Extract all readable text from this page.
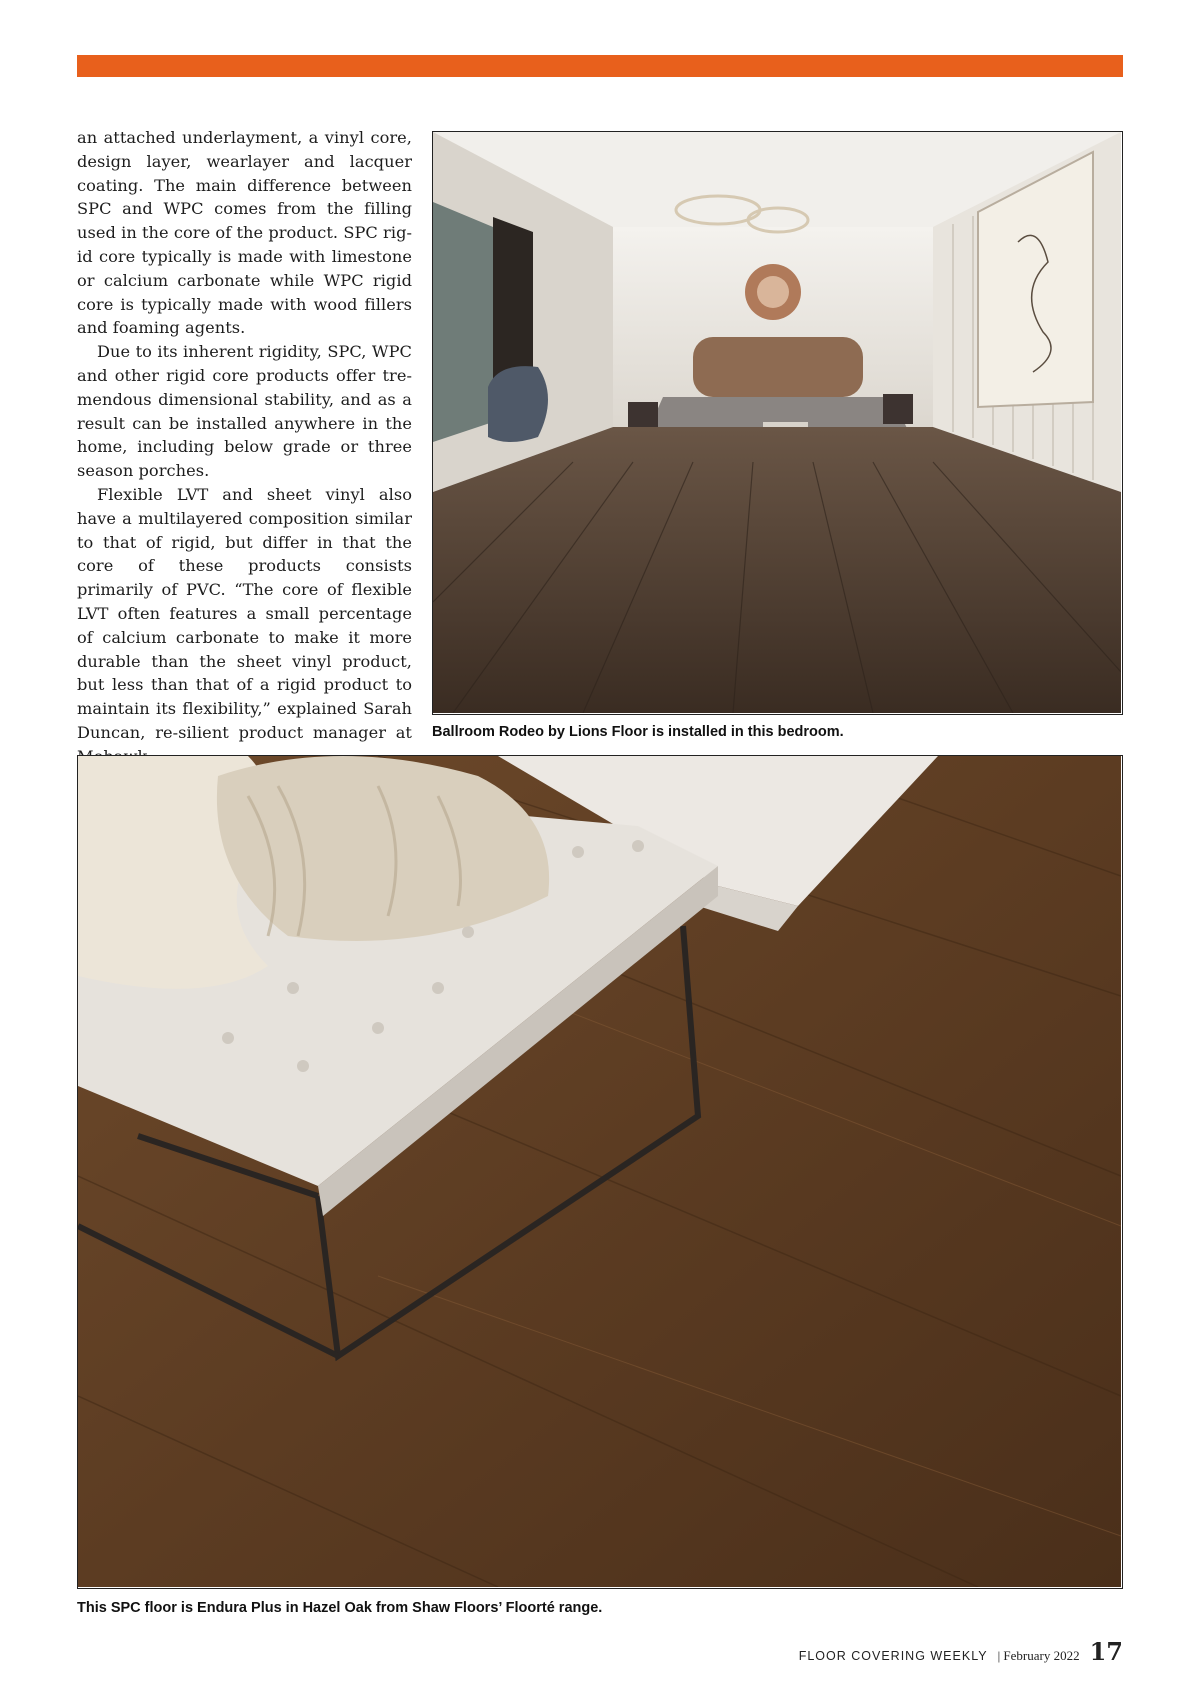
an attached underlayment, a vinyl core, design layer, wearlayer and lacquer coating. The main difference between SPC and WPC comes from the filling used in the core of the product. SPC rig-id core typically is made with limestone or calcium carbonate while WPC rigid core is typically made with wood fillers and foaming agents.

Due to its inherent rigidity, SPC, WPC and other rigid core products offer tre-mendous dimensional stability, and as a result can be installed anywhere in the home, including below grade or three season porches.

Flexible LVT and sheet vinyl also have a multilayered composition similar to that of rigid, but differ in that the core of these products consists primarily of PVC. “The core of flexible LVT often features a small percentage of calcium carbonate to make it more durable than the sheet vinyl product, but less than that of a rigid product to maintain its flexibility,” explained Sarah Duncan, re-silient product manager at Ballroom Rodeo by Lions Floor is installed in this bedroom.
This SPC floor is Endura Plus in Hazel Oak from Shaw Floors’ Floorté range.
FLOOR COVERING WEEKLY | February 2022 17
